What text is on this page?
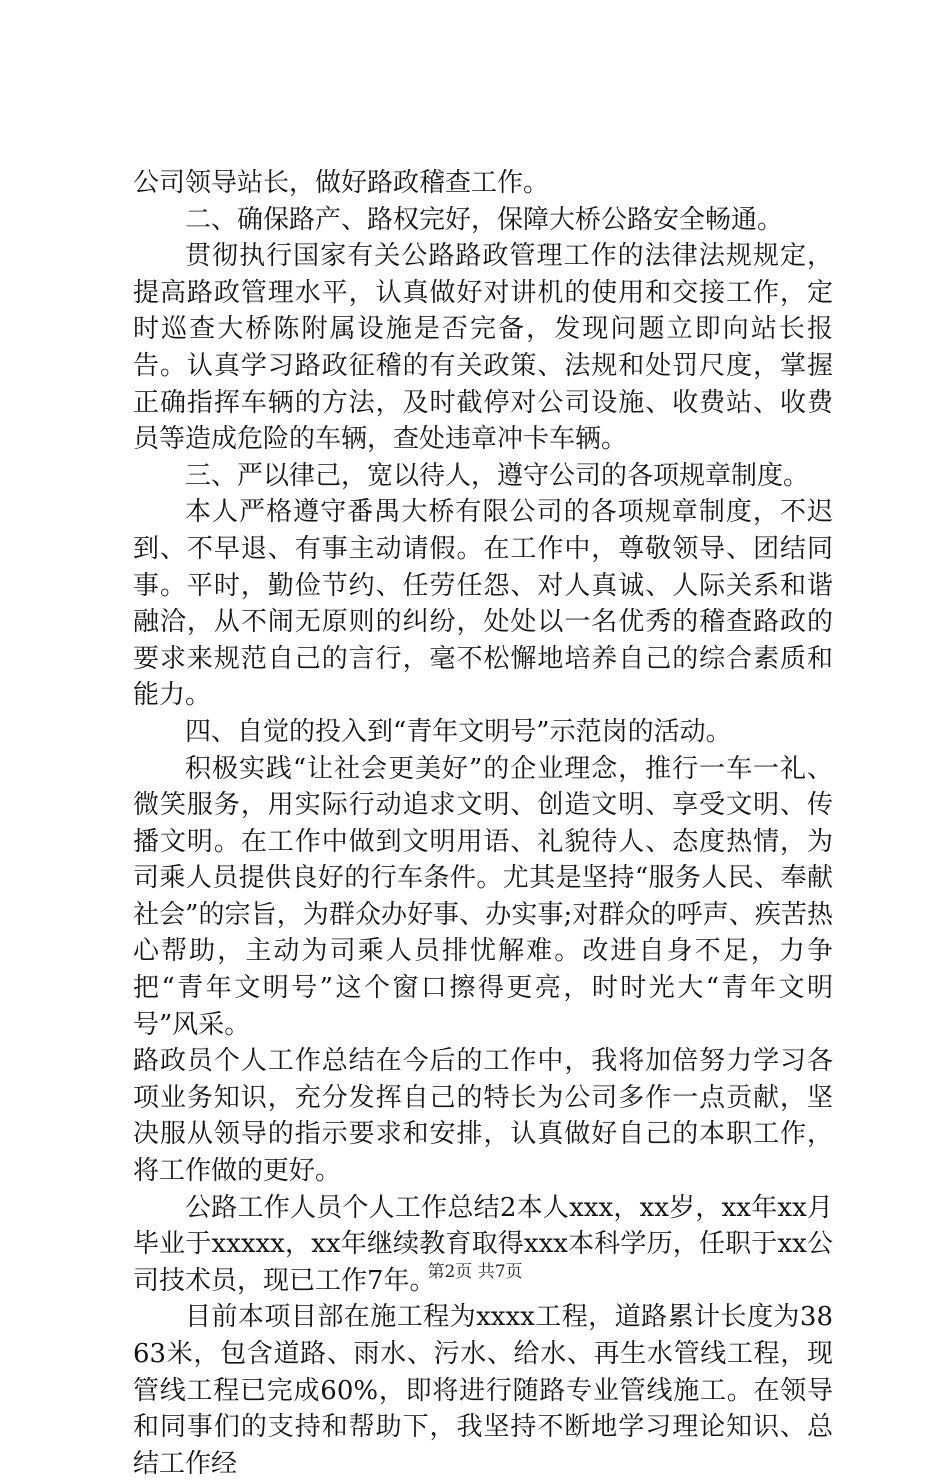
公司领导站长，做好路政稽查工作。

二、确保路产、路权完好，保障大桥公路安全畅通。

贯彻执行国家有关公路路政管理工作的法律法规规定，提高路政管理水平，认真做好对讲机的使用和交接工作，定时巡查大桥陈附属设施是否完备，发现问题立即向站长报告。认真学习路政征稽的有关政策、法规和处罚尺度，掌握正确指挥车辆的方法，及时截停对公司设施、收费站、收费员等造成危险的车辆，查处违章冲卡车辆。

三、严以律己，宽以待人，遵守公司的各项规章制度。

本人严格遵守番禺大桥有限公司的各项规章制度，不迟到、不早退、有事主动请假。在工作中，尊敬领导、团结同事。平时，勤俭节约、任劳任怨、对人真诚、人际关系和谐融洽，从不闹无原则的纠纷，处处以一名优秀的稽查路政的要求来规范自己的言行，毫不松懈地培养自己的综合素质和能力。

四、自觉的投入到“青年文明号”示范岗的活动。

积极实践“让社会更美好”的企业理念，推行一车一礼、微笑服务，用实际行动追求文明、创造文明、享受文明、传播文明。在工作中做到文明用语、礼貌待人、态度热情，为司乘人员提供良好的行车条件。尤其是坚持“服务人民、奉献社会”的宗旨，为群众办好事、办实事;对群众的呼声、疾苦热心帮助，主动为司乘人员排忧解难。改进自身不足，力争把“青年文明号”这个窗口擦得更亮，时时光大“青年文明号”风采。

路政员个人工作总结在今后的工作中，我将加倍努力学习各项业务知识，充分发挥自己的特长为公司多作一点贡献，坚决服从领导的指示要求和安排，认真做好自己的本职工作，将工作做的更好。

公路工作人员个人工作总结2本人xxx，xx岁，xx年xx月毕业于xxxxx，xx年继续教育取得xxx本科学历，任职于xx公司技术员，现已工作7年。

目前本项目部在施工程为xxxx工程，道路累计长度为3863米，包含道路、雨水、污水、给水、再生水管线工程，现管线工程已完成60%，即将进行随路专业管线施工。在领导和同事们的支持和帮助下，我坚持不断地学习理论知识、总结工作经

第2页 共7页
